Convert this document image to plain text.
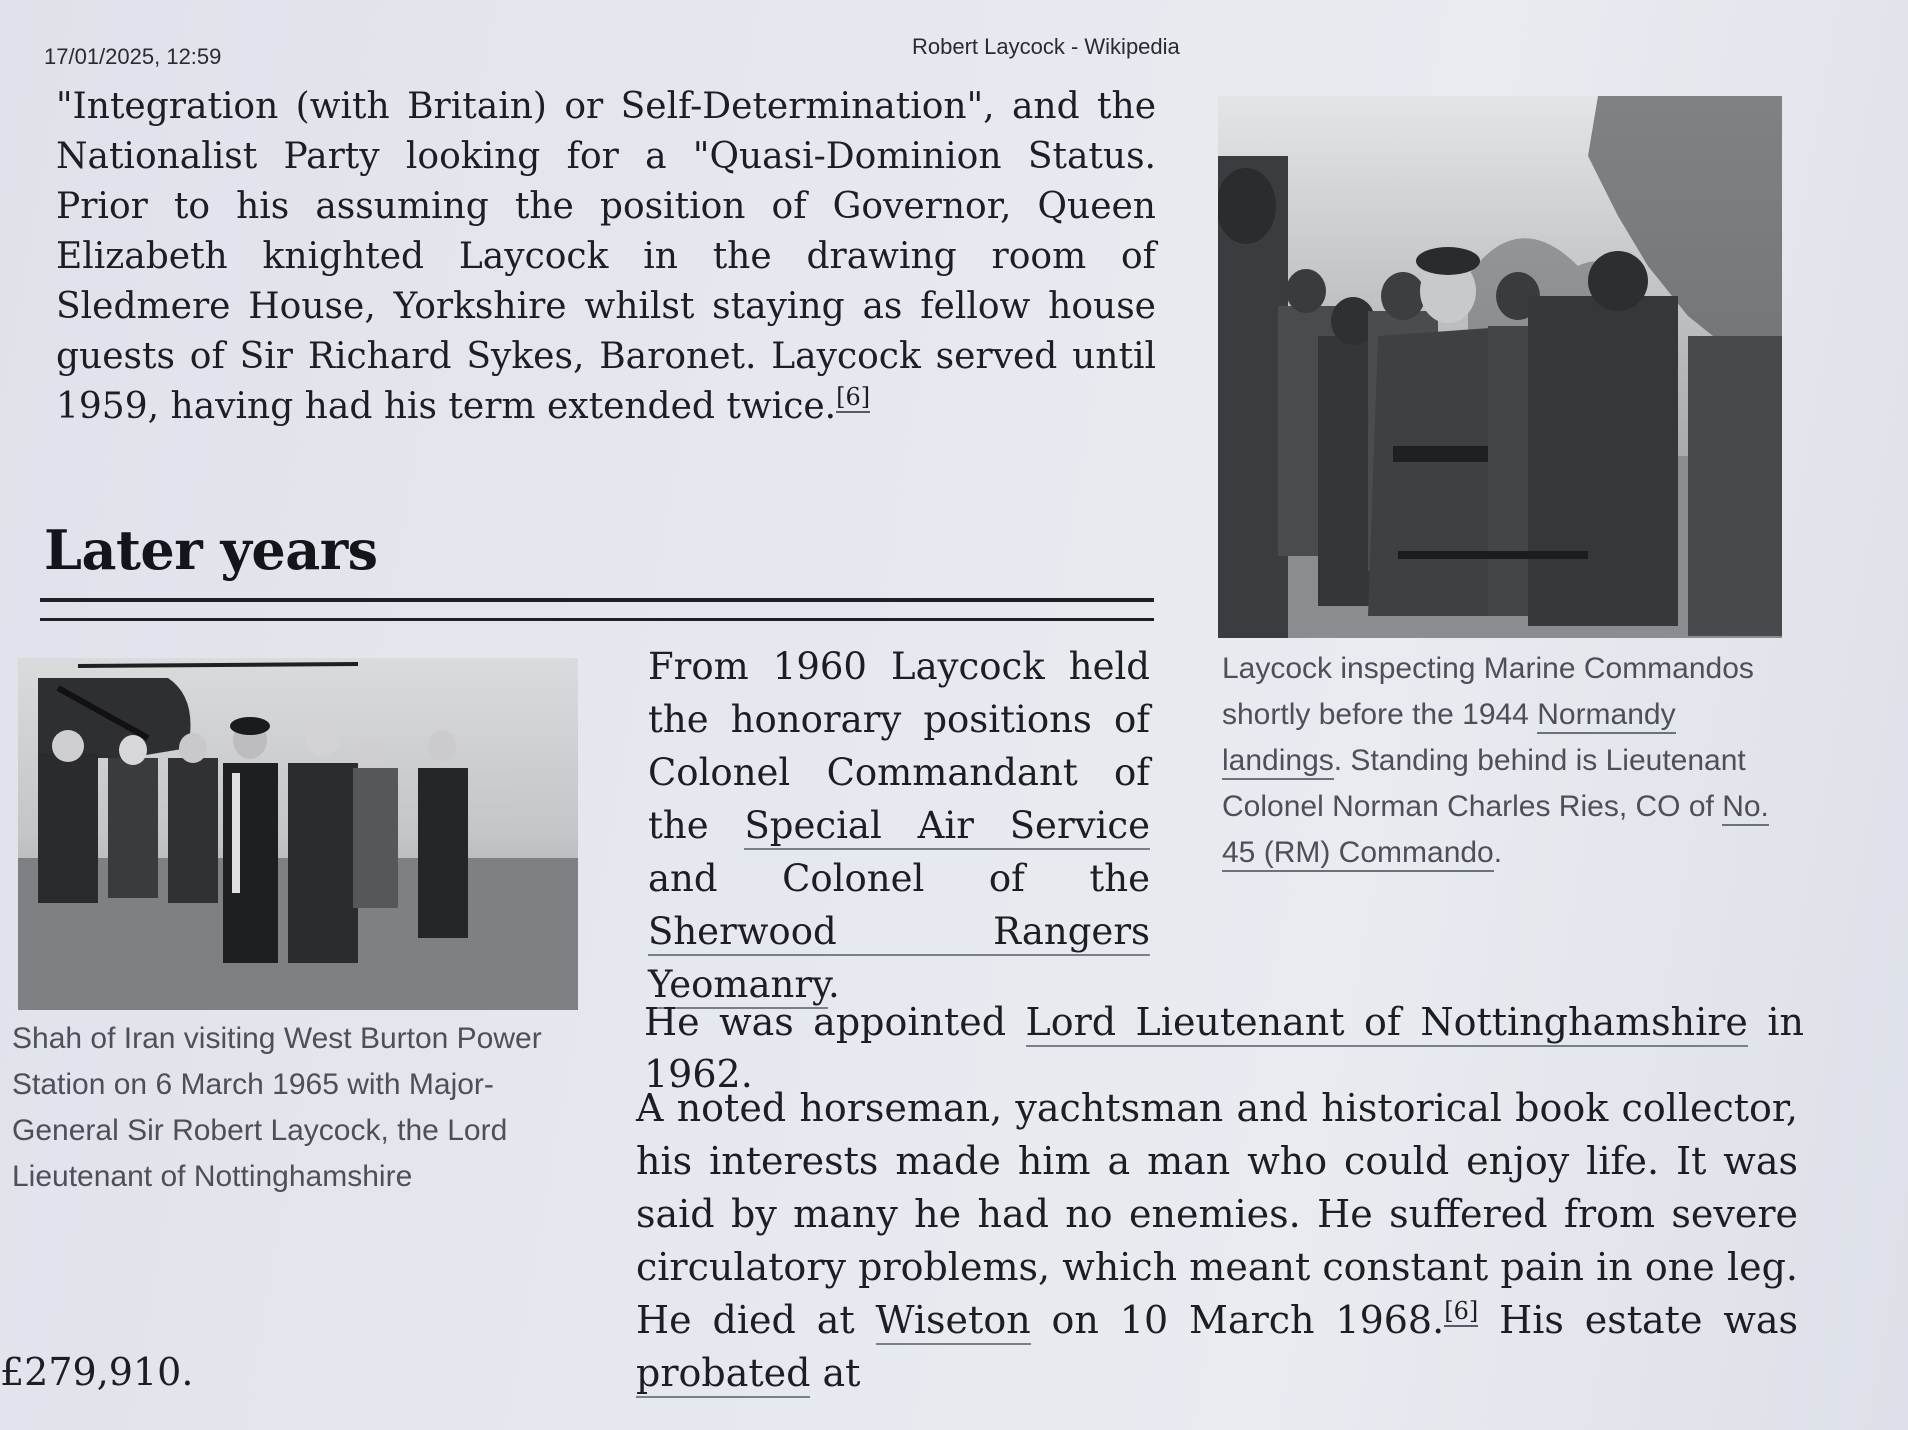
17/01/2025, 12:59	Robert Laycock - Wikipedia

"Integration (with Britain) or Self-Determination", and the Nationalist Party looking for a "Quasi-Dominion Status. Prior to his assuming the position of Governor, Queen Elizabeth knighted Laycock in the drawing room of Sledmere House, Yorkshire whilst staying as fellow house guests of Sir Richard Sykes, Baronet. Laycock served until 1959, having had his term extended twice.[6]

Later years
Laycock inspecting Marine Commandos shortly before the 1944 Normandy landings. Standing behind is Lieutenant Colonel Norman Charles Ries, CO of No. 45 (RM) Commando.
Shah of Iran visiting West Burton Power Station on 6 March 1965 with Major-General Sir Robert Laycock, the Lord Lieutenant of Nottinghamshire

From 1960 Laycock held the honorary positions of Colonel Commandant of the Special Air Service and Colonel of the Sherwood Rangers Yeomanry.

He was appointed Lord Lieutenant of Nottinghamshire in 1962.

A noted horseman, yachtsman and historical book collector, his interests made him a man who could enjoy life. It was said by many he had no enemies. He suffered from severe circulatory problems, which meant constant pain in one leg. He died at Wiseton on 10 March 1968.[6] His estate was probated at

£279,910.
